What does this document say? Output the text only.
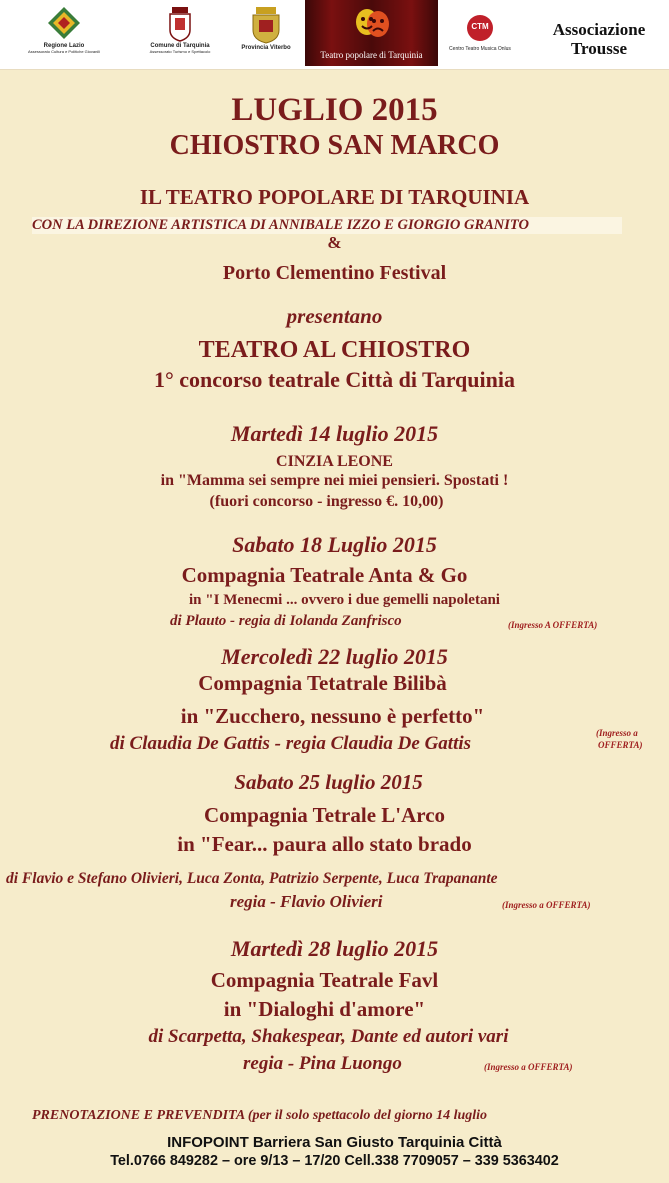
Regione Lazio
Assessorato Cultura e Politiche Giovanili
Comune di Tarquinia
Assessorato Turismo e Spettacolo
Provincia Viterbo
Teatro popolare di Tarquinia
CTM
Centro Teatro Musica Onlus
Associazione
Trousse
LUGLIO 2015
CHIOSTRO SAN MARCO
IL TEATRO POPOLARE DI TARQUINIA
CON LA DIREZIONE ARTISTICA DI ANNIBALE IZZO E GIORGIO GRANITO
&
Porto Clementino Festival
presentano
TEATRO AL CHIOSTRO
1° concorso teatrale Città di Tarquinia
Martedì 14 luglio 2015
CINZIA LEONE
in "Mamma sei sempre nei miei pensieri. Spostati !
(fuori concorso - ingresso €. 10,00)
Sabato 18 Luglio 2015
Compagnia Teatrale Anta & Go
in "I Menecmi ... ovvero i due gemelli napoletani
di Plauto - regia di Iolanda Zanfrisco	(Ingresso A OFFERTA)
Mercoledì 22 luglio 2015
Compagnia Tetatrale Bilibà
in "Zucchero, nessuno è perfetto"
di Claudia De Gattis - regia Claudia De Gattis	(Ingresso a
OFFERTA)
Sabato 25 luglio 2015
Compagnia Tetrale L'Arco
in "Fear... paura allo stato brado
di Flavio e Stefano Olivieri, Luca Zonta, Patrizio Serpente, Luca Trapanante
regia - Flavio Olivieri	(Ingresso a OFFERTA)
Martedì 28 luglio 2015
Compagnia Teatrale Favl
in "Dialoghi d'amore"
di Scarpetta, Shakespear, Dante ed autori vari
regia - Pina Luongo	(Ingresso a OFFERTA)
PRENOTAZIONE E PREVENDITA (per il solo spettacolo del giorno 14 luglio
INFOPOINT Barriera San Giusto Tarquinia Città
Tel.0766 849282 – ore 9/13 – 17/20 Cell.338 7709057 – 339 5363402
